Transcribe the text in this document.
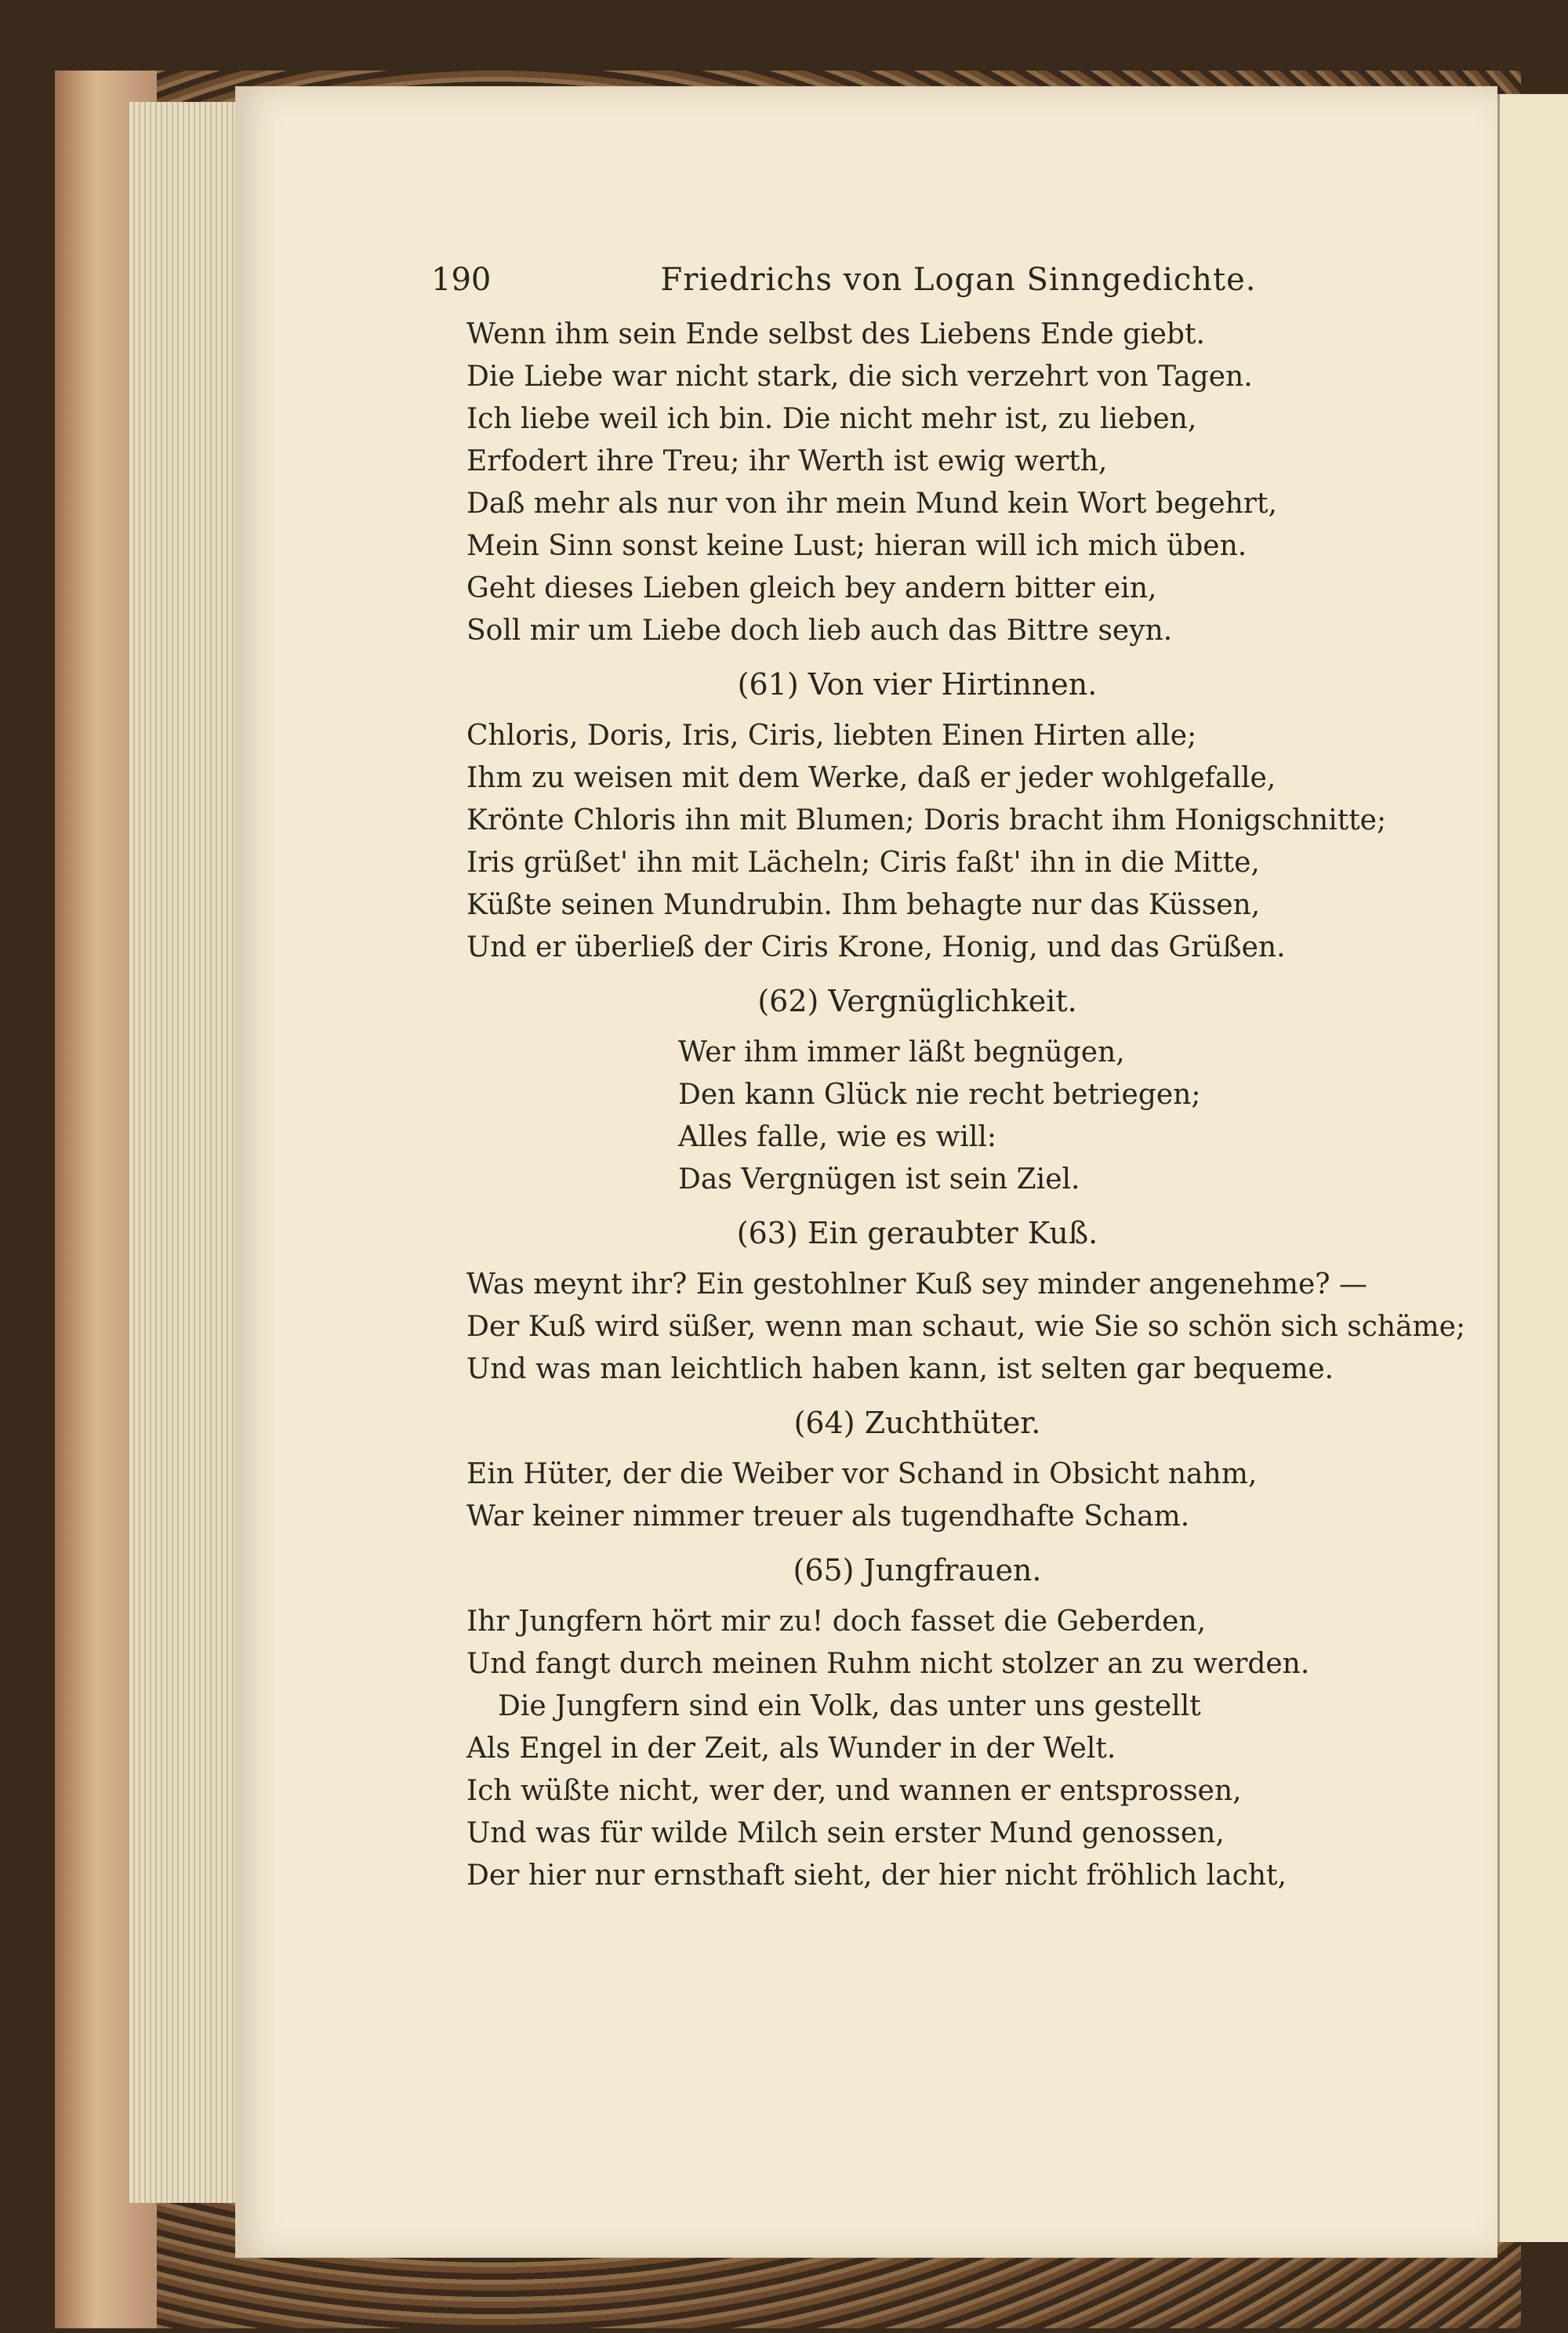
190	Friedrichs von Logan Sinngedichte.
Wenn ihm sein Ende selbst des Liebens Ende giebt.
Die Liebe war nicht stark, die sich verzehrt von Tagen.
Ich liebe weil ich bin. Die nicht mehr ist, zu lieben,
Erfodert ihre Treu; ihr Werth ist ewig werth,
Daß mehr als nur von ihr mein Mund kein Wort begehrt,
Mein Sinn sonst keine Lust; hieran will ich mich üben.
Geht dieses Lieben gleich bey andern bitter ein,
Soll mir um Liebe doch lieb auch das Bittre seyn.
(61) Von vier Hirtinnen.
Chloris, Doris, Iris, Ciris, liebten Einen Hirten alle;
Ihm zu weisen mit dem Werke, daß er jeder wohlgefalle,
Krönte Chloris ihn mit Blumen; Doris bracht ihm Honigschnitte;
Iris grüßet' ihn mit Lächeln; Ciris faßt' ihn in die Mitte,
Küßte seinen Mundrubin. Ihm behagte nur das Küssen,
Und er überließ der Ciris Krone, Honig, und das Grüßen.
(62) Vergnüglichkeit.
Wer ihm immer läßt begnügen,
Den kann Glück nie recht betriegen;
Alles falle, wie es will:
Das Vergnügen ist sein Ziel.
(63) Ein geraubter Kuß.
Was meynt ihr? Ein gestohlner Kuß sey minder angenehme? —
Der Kuß wird süßer, wenn man schaut, wie Sie so schön sich schäme;
Und was man leichtlich haben kann, ist selten gar bequeme.
(64) Zuchthüter.
Ein Hüter, der die Weiber vor Schand in Obsicht nahm,
War keiner nimmer treuer als tugendhafte Scham.
(65) Jungfrauen.
Ihr Jungfern hört mir zu! doch fasset die Geberden,
Und fangt durch meinen Ruhm nicht stolzer an zu werden.
Die Jungfern sind ein Volk, das unter uns gestellt
Als Engel in der Zeit, als Wunder in der Welt.
Ich wüßte nicht, wer der, und wannen er entsprossen,
Und was für wilde Milch sein erster Mund genossen,
Der hier nur ernsthaft sieht, der hier nicht fröhlich lacht,
